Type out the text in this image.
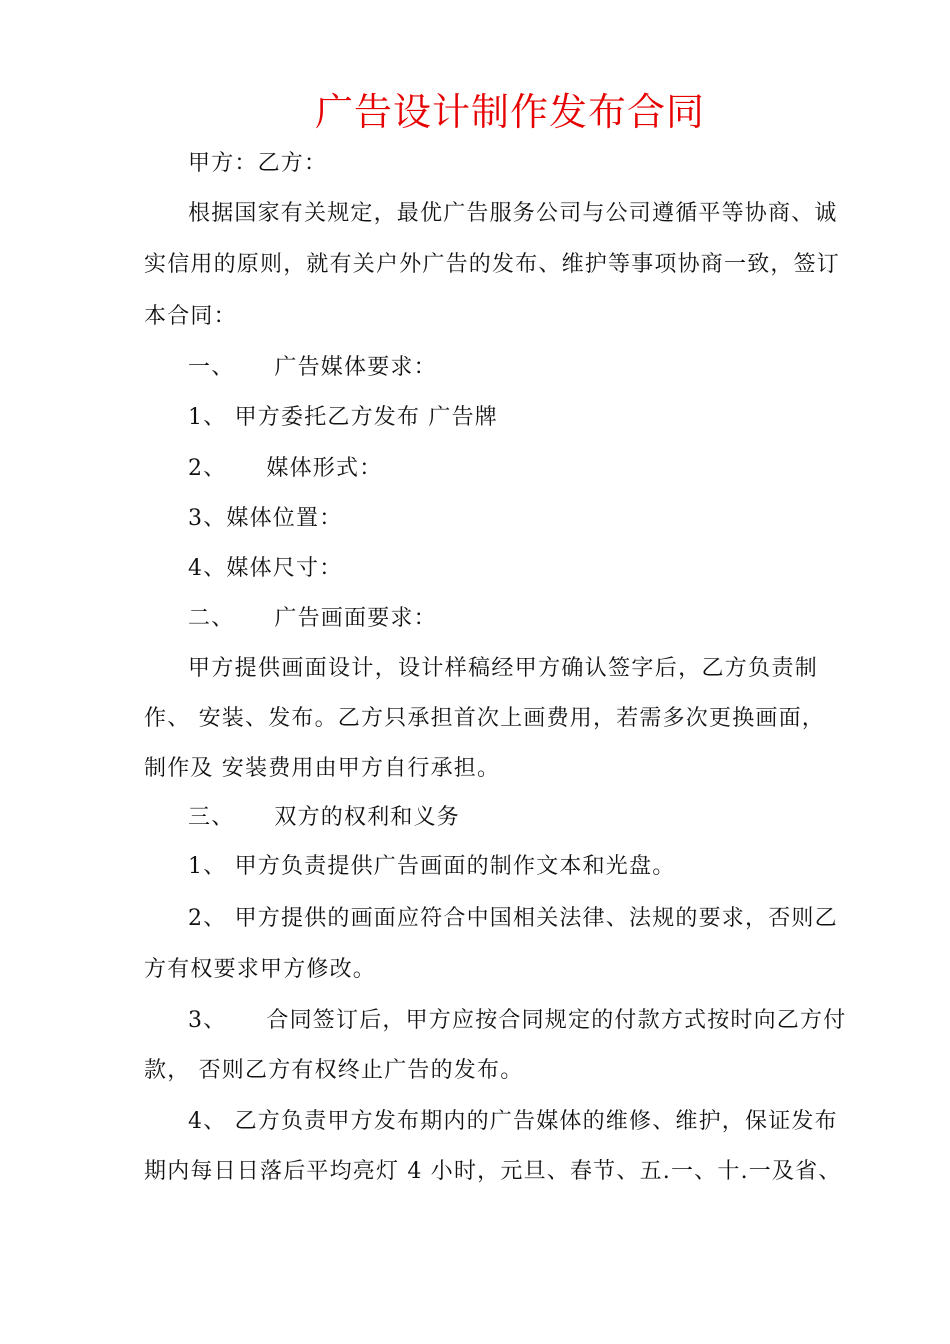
广告设计制作发布合同
甲方：乙方：
根据国家有关规定，最优广告服务公司与公司遵循平等协商、诚
实信用的原则，就有关户外广告的发布、维护等事项协商一致，签订
本合同：
一、 广告媒体要求：
1、 甲方委托乙方发布 广告牌
2、 媒体形式：
3、媒体位置：
4、媒体尺寸：
二、 广告画面要求：
甲方提供画面设计，设计样稿经甲方确认签字后，乙方负责制
作、 安装、发布。乙方只承担首次上画费用，若需多次更换画面，
制作及 安装费用由甲方自行承担。
三、 双方的权利和义务
1、 甲方负责提供广告画面的制作文本和光盘。
2、 甲方提供的画面应符合中国相关法律、法规的要求，否则乙
方有权要求甲方修改。
3、 合同签订后，甲方应按合同规定的付款方式按时向乙方付
款， 否则乙方有权终止广告的发布。
4、 乙方负责甲方发布期内的广告媒体的维修、维护，保证发布
期内每日日落后平均亮灯 4 小时，元旦、春节、五.一、十.一及省、
